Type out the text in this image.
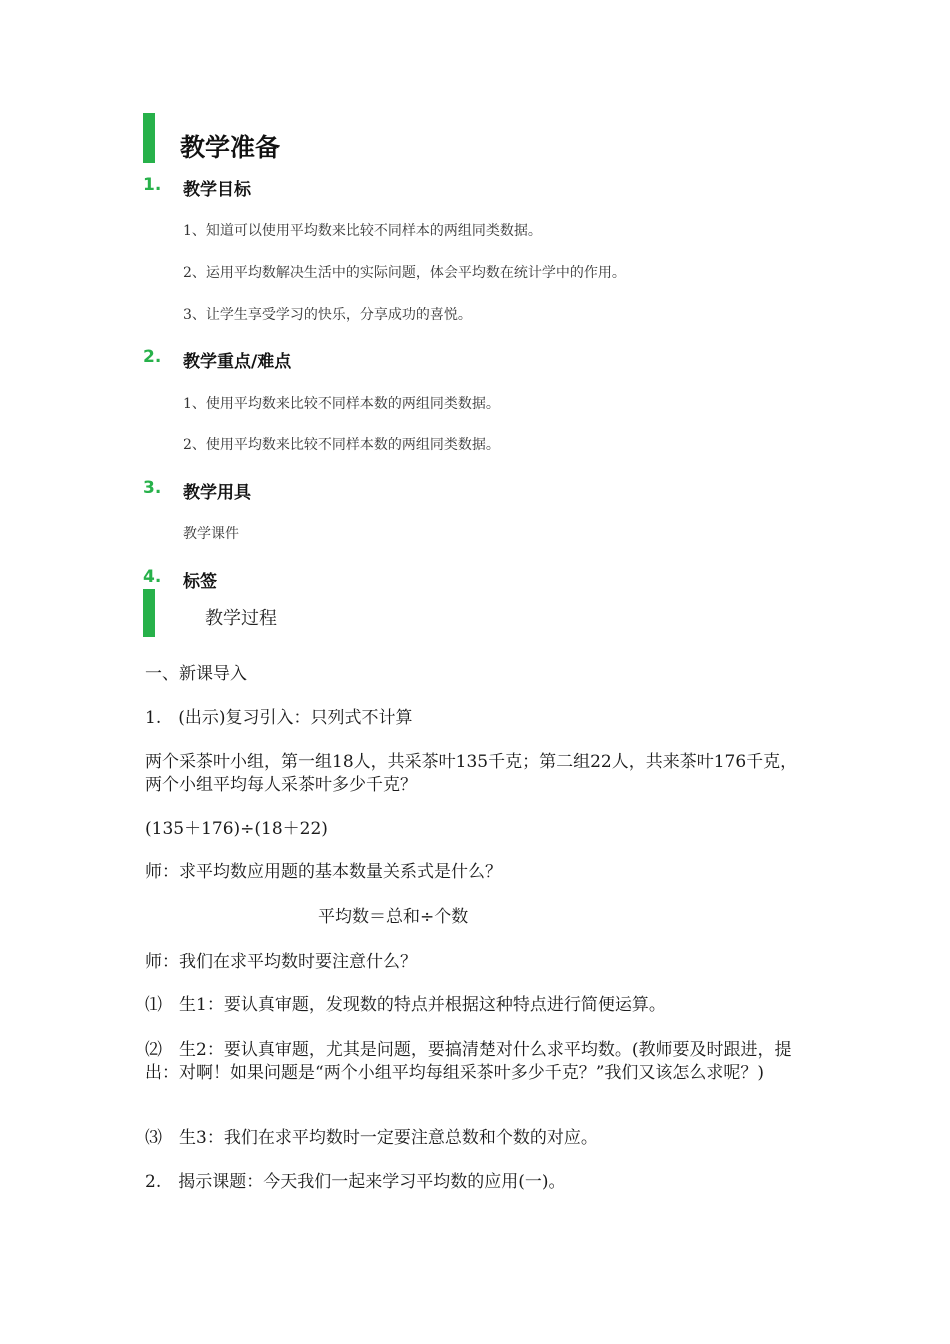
教学准备
1. 教学目标
1、知道可以使用平均数来比较不同样本的两组同类数据。
2、运用平均数解决生活中的实际问题，体会平均数在统计学中的作用。
3、让学生享受学习的快乐，分享成功的喜悦。
2. 教学重点/难点
1、使用平均数来比较不同样本数的两组同类数据。
2、使用平均数来比较不同样本数的两组同类数据。
3. 教学用具
教学课件
4. 标签
教学过程
一、新课导入
1.　(出示)复习引入：只列式不计算
两个采茶叶小组，第一组18人，共采茶叶135千克；第二组22人，共来茶叶176千克，两个小组平均每人采茶叶多少千克？
(135＋176)÷(18＋22)
师：求平均数应用题的基本数量关系式是什么？
平均数＝总和÷个数
师：我们在求平均数时要注意什么？
⑴　生1：要认真审题，发现数的特点并根据这种特点进行简便运算。
⑵　生2：要认真审题，尤其是问题，要搞清楚对什么求平均数。(教师要及时跟进，提出：对啊！如果问题是“两个小组平均每组采茶叶多少千克？”我们又该怎么求呢？)
⑶　生3：我们在求平均数时一定要注意总数和个数的对应。
2.　揭示课题：今天我们一起来学习平均数的应用(一)。
